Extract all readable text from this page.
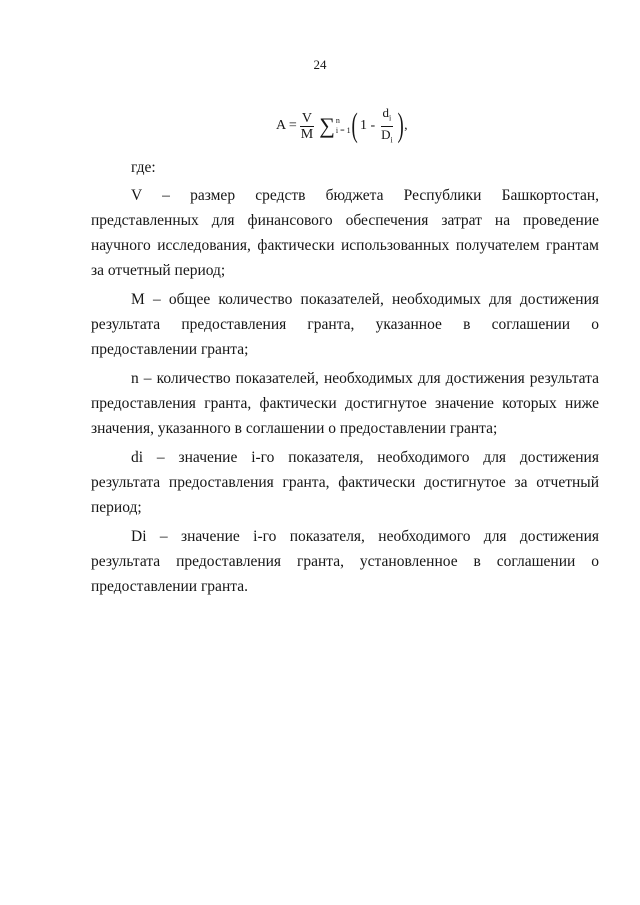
24
$A = \frac{V}{M}$ ∑ n
i = 1 ( $1 - \frac{d_i}{D_i}$ ) ,

где:

V – размер средств бюджета Республики Башкортостан, представленных для финансового обеспечения затрат на проведение научного исследования, фактически использованных получателем грантам за отчетный период;

М – общее количество показателей, необходимых для достижения результата предоставления гранта, указанное в соглашении о предоставлении гранта;

n – количество показателей, необходимых для достижения результата предоставления гранта, фактически достигнутое значение которых ниже значения, указанного в соглашении о предоставлении гранта;

di – значение i-го показателя, необходимого для достижения результата предоставления гранта, фактически достигнутое за отчетный период;

Di – значение i-го показателя, необходимого для достижения результата предоставления гранта, установленное в соглашении о предоставлении гранта.
